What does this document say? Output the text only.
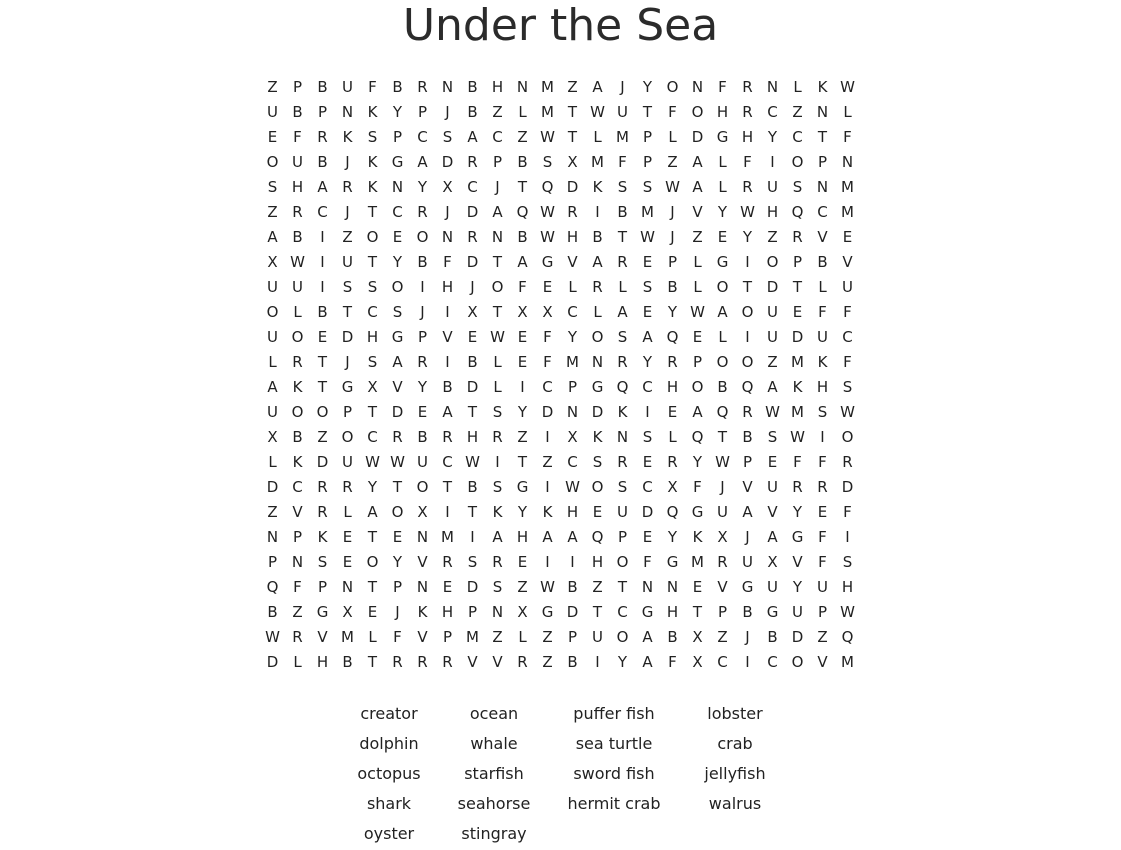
Under the Sea
Z	P	B U	F	B R N B H N M Z A	J	Y O N	F	R N	L	K W
U B	P N K	Y	P	J	B Z	L M T W U T	F O H R C Z N	L
E	F	R K	S	P	C	S	A C Z W T	L M P	L	D G H Y	C	T	F
O U B	J	K G A D R	P	B	S	X M F	P	Z A	L	F	I	O P N
S H A R K N Y	X C	J	T Q D K	S	S W A	L	R U S N M
Z R C	J	T	C R	J	D A Q W R	I	B M	J	V	Y W H Q C M
A B	I	Z O E O N R N B W H B	T W	J	Z	E	Y	Z R V	E
X W	I	U T	Y	B	F D T	A G V A R	E	P	L	G	I	O P	B V
U U	I	S	S O	I	H	J	O F	E	L	R	L	S	B	L O T D T	L	U
O L	B	T	C	S	J	I	X	T	X X C	L	A	E	Y W A O U E	F	F
U O E D H G P	V	E W E	F	Y O S	A Q E	L	I	U D U C
L	R	T	J	S	A R	I	B	L	E	F M N R	Y	R	P O O Z M K	F
A K	T G X V	Y	B D	L	I	C	P G Q C H O B Q A K H S
U O O P	T D E	A	T	S	Y D N D K	I	E	A Q R W M S W
X B Z O C R B R H R Z	I	X K N S	L Q T	B	S W	I	O
L	K D U W W U C W	I	T	Z C	S	R	E	R	Y W P	E	F	F	R
D C R R	Y	T O T	B	S G	I	W O S C X	F	J	V U R R D
Z V R	L	A O X	I	T	K	Y	K H E U D Q G U A V	Y	E	F
N P	K	E	T	E N M	I	A H A A Q P	E	Y	K X	J	A G F	I
P N S	E O Y	V R	S	R	E	I	I	H O F G M R U X V	F	S
Q F	P N T	P N E D S	Z W B Z	T N N E	V G U Y U H
B Z G X	E	J	K H P N X G D T	C G H T	P	B G U P W
W R V M L	F	V	P M Z	L	Z	P U O A B X Z	J	B D Z Q
D	L	H B	T	R R R V V R Z B	I	Y	A	F	X C	I	C O V M
creator	ocean	puffer fish	lobster
dolphin	whale	sea turtle	crab
octopus	starfish	sword fish	jellyfish
shark	seahorse	hermit crab	walrus
oyster	stingray
